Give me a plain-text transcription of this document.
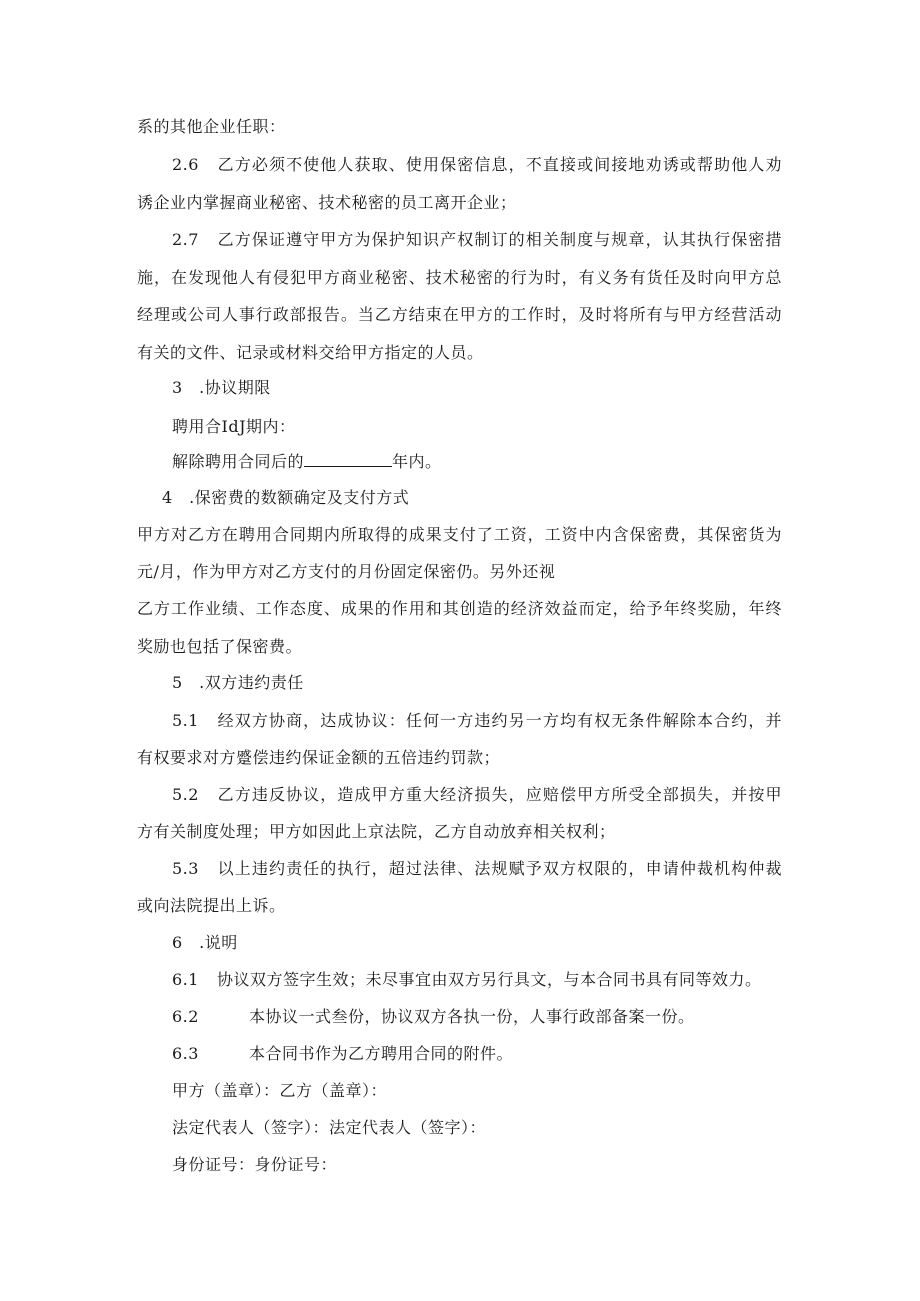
系的其他企业任职：
2.6 乙方必须不使他人获取、使用保密信息，不直接或间接地劝诱或帮助他人劝
诱企业内掌握商业秘密、技术秘密的员工离开企业；
2.7 乙方保证遵守甲方为保护知识产权制订的相关制度与规章，认其执行保密措
施，在发现他人有侵犯甲方商业秘密、技术秘密的行为时，有义务有货任及时向甲方总
经理或公司人事行政部报告。当乙方结束在甲方的工作时，及时将所有与甲方经营活动
有关的文件、记录或材料交给甲方指定的人员。
3　.协议期限
聘用合IdJ期内：
解除聘用合同后的	年内。
4　.保密费的数额确定及支付方式
甲方对乙方在聘用合同期内所取得的成果支付了工资，工资中内含保密费，其保密货为
元/月，作为甲方对乙方支付的月份固定保密仍。另外还视
乙方工作业绩、工作态度、成果的作用和其创造的经济效益而定，给予年终奖励，年终
奖励也包括了保密费。
5　.双方违约责任
5.1 经双方协商，达成协议：任何一方违约另一方均有权无条件解除本合约，并
有权要求对方蹙偿违约保证金额的五倍违约罚款；
5.2 乙方违反协议，造成甲方重大经济损失，应赔偿甲方所受全部损失，并按甲
方有关制度处理；甲方如因此上京法院，乙方自动放弃相关权利；
5.3 以上违约责任的执行，超过法律、法规赋予双方权限的，申请仲裁机构仲裁
或向法院提出上诉。
6　.说明
6.1 协议双方签字生效；未尽事宜由双方另行具文，与本合同书具有同等效力。
6.2	本协议一式叁份，协议双方各执一份，人事行政部备案一份。
6.3	本合同书作为乙方聘用合同的附件。
甲方（盖章）：乙方（盖章）：
法定代表人（签字）：法定代表人（签字）：
身份证号：身份证号：
